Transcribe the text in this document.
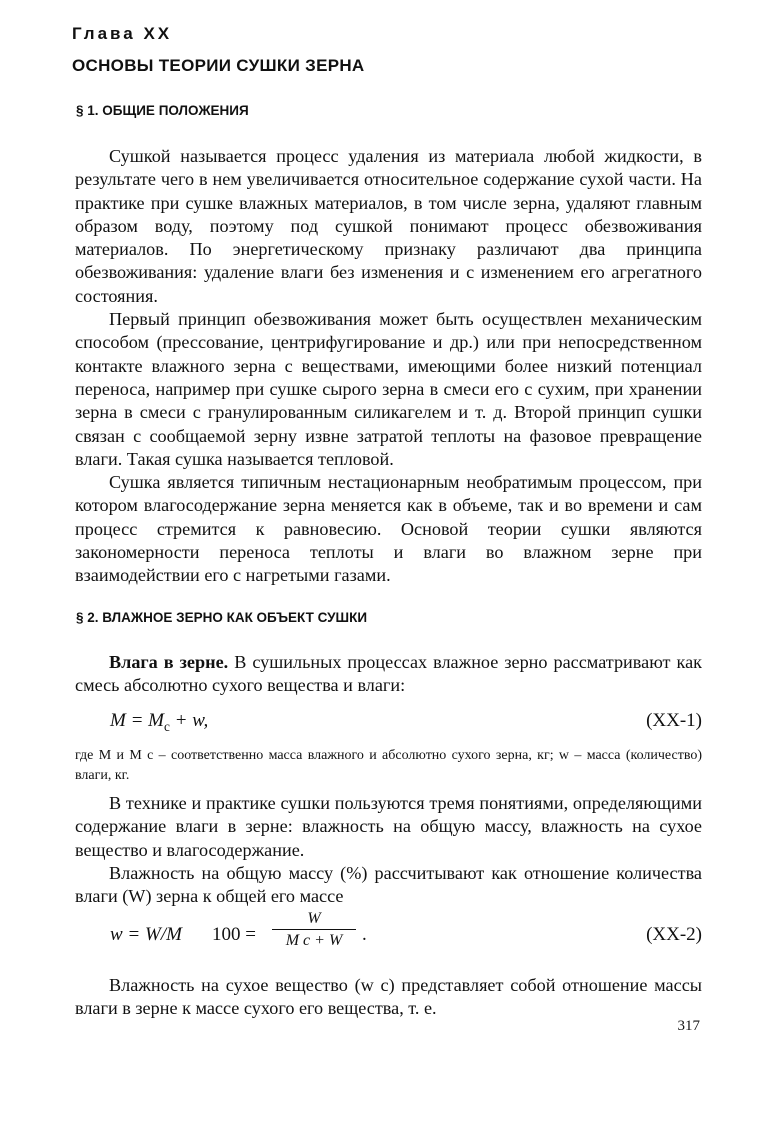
Глава XX
ОСНОВЫ ТЕОРИИ СУШКИ ЗЕРНА
§ 1. ОБЩИЕ ПОЛОЖЕНИЯ

Сушкой называется процесс удаления из материала любой жидкости, в результате чего в нем увеличивается относительное содержание сухой части. На практике при сушке влажных материалов, в том числе зерна, удаляют главным образом воду, поэтому под сушкой понимают процесс обезвоживания материалов. По энергетическому признаку различают два принципа обезвоживания: удаление влаги без изменения и с изменением его агрегатного состояния.

Первый принцип обезвоживания может быть осуществлен механическим способом (прессование, центрифугирование и др.) или при непосредственном контакте влажного зерна с веществами, имеющими более низкий потенциал переноса, например при сушке сырого зерна в смеси его с сухим, при хранении зерна в смеси с гранулированным силикагелем и т. д. Второй принцип сушки связан с сообщаемой зерну извне затратой теплоты на фазовое превращение влаги. Такая сушка называется тепловой.

Сушка является типичным нестационарным необратимым процессом, при котором влагосодержание зерна меняется как в объеме, так и во времени и сам процесс стремится к равновесию. Основой теории сушки являются закономерности переноса теплоты и влаги во влажном зерне при взаимодействии его с нагретыми газами.

§ 2. ВЛАЖНОЕ ЗЕРНО КАК ОБЪЕКТ СУШКИ

Влага в зерне. В сушильных процессах влажное зерно рассматривают как смесь абсолютно сухого вещества и влаги:

$M = M_c + w$,	(XX-1)
где M и M с – соответственно масса влажного и абсолютно сухого зерна, кг; w – масса (количество) влаги, кг.

В технике и практике сушки пользуются тремя понятиями, определяющими содержание влаги в зерне: влажность на общую массу, влажность на сухое вещество и влагосодержание.

Влажность на общую массу (%) рассчитывают как отношение количества влаги (W) зерна к общей его массе

w = W/M 100 =
W
M c + W	.	(XX-2)

Влажность на сухое вещество (w c) представляет собой отношение массы влаги в зерне к массе сухого его вещества, т. е.

317
